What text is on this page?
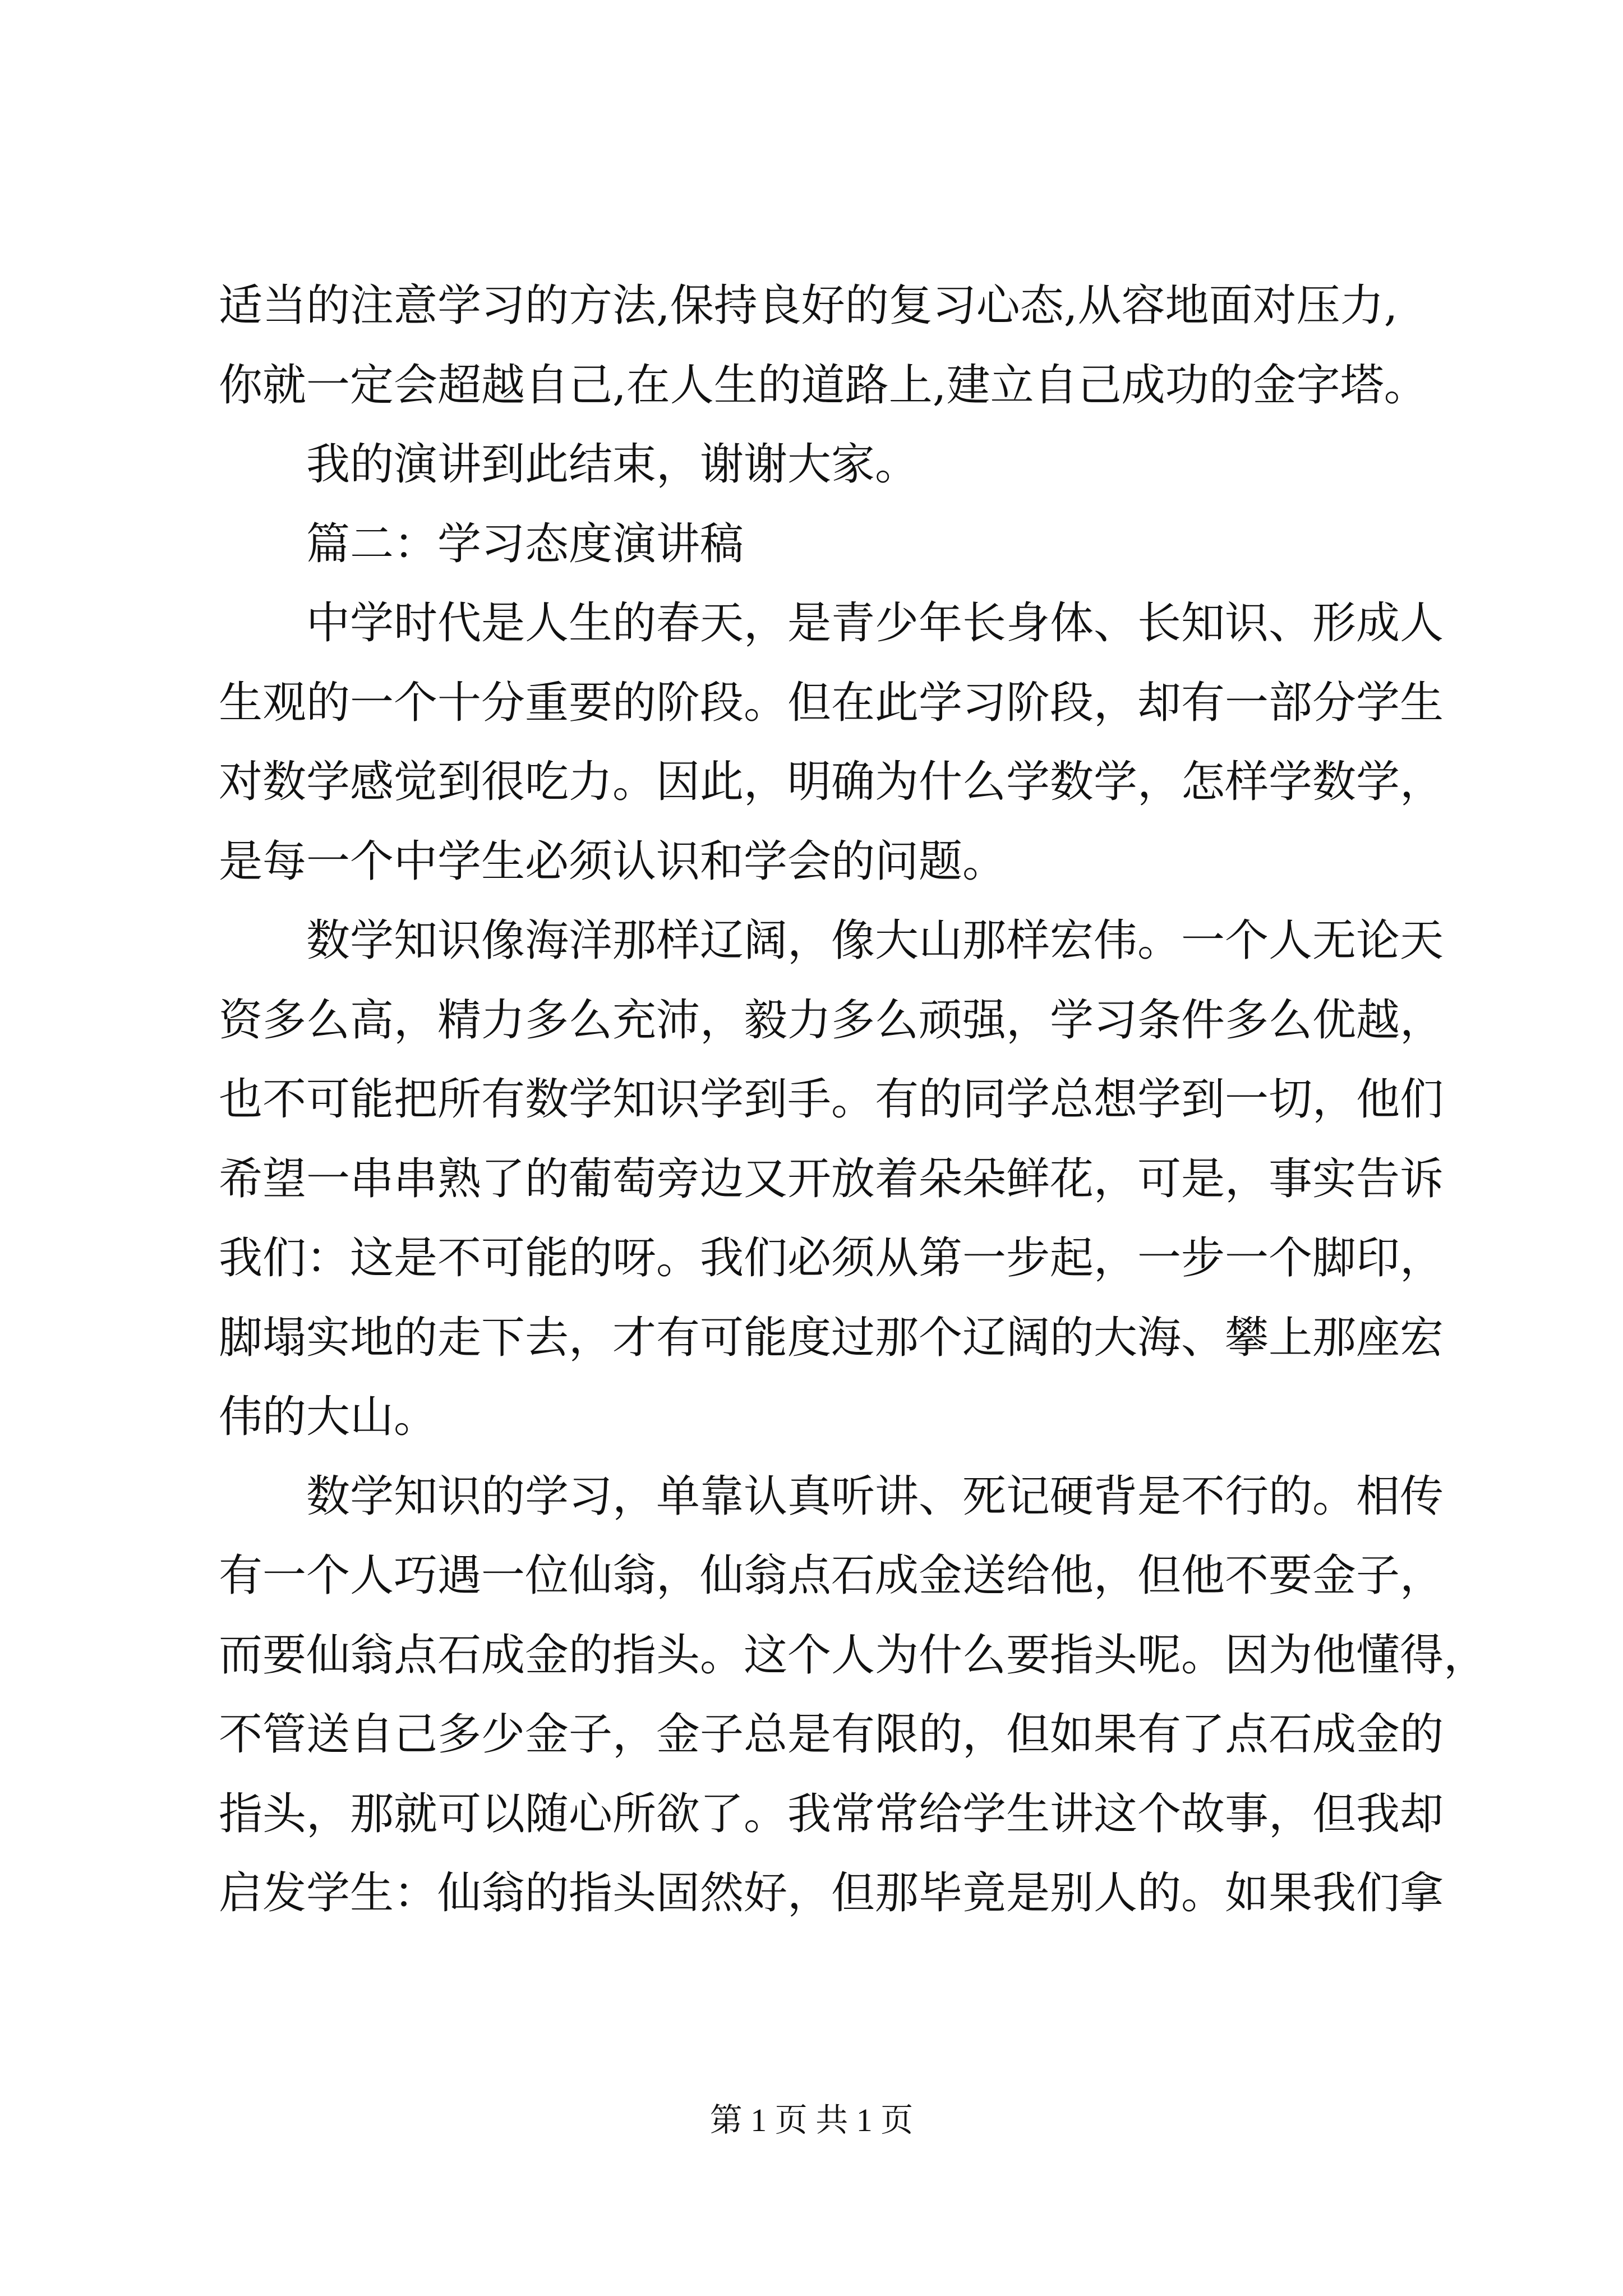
适当的注意学习的方法,保持良好的复习心态,从容地面对压力,
你就一定会超越自己,在人生的道路上,建立自己成功的金字塔。
我的演讲到此结束，谢谢大家。
篇二：学习态度演讲稿
中学时代是人生的春天，是青少年长身体、长知识、形成人
生观的一个十分重要的阶段。但在此学习阶段，却有一部分学生
对数学感觉到很吃力。因此，明确为什么学数学，怎样学数学，
是每一个中学生必须认识和学会的问题。
数学知识像海洋那样辽阔，像大山那样宏伟。一个人无论天
资多么高，精力多么充沛，毅力多么顽强，学习条件多么优越，
也不可能把所有数学知识学到手。有的同学总想学到一切，他们
希望一串串熟了的葡萄旁边又开放着朵朵鲜花，可是，事实告诉
我们：这是不可能的呀。我们必须从第一步起，一步一个脚印，
脚塌实地的走下去，才有可能度过那个辽阔的大海、攀上那座宏
伟的大山。
数学知识的学习，单靠认真听讲、死记硬背是不行的。相传
有一个人巧遇一位仙翁，仙翁点石成金送给他，但他不要金子，
而要仙翁点石成金的指头。这个人为什么要指头呢。因为他懂得，
不管送自己多少金子，金子总是有限的，但如果有了点石成金的
指头，那就可以随心所欲了。我常常给学生讲这个故事，但我却
启发学生：仙翁的指头固然好，但那毕竟是别人的。如果我们拿
第 1 页 共 1 页
